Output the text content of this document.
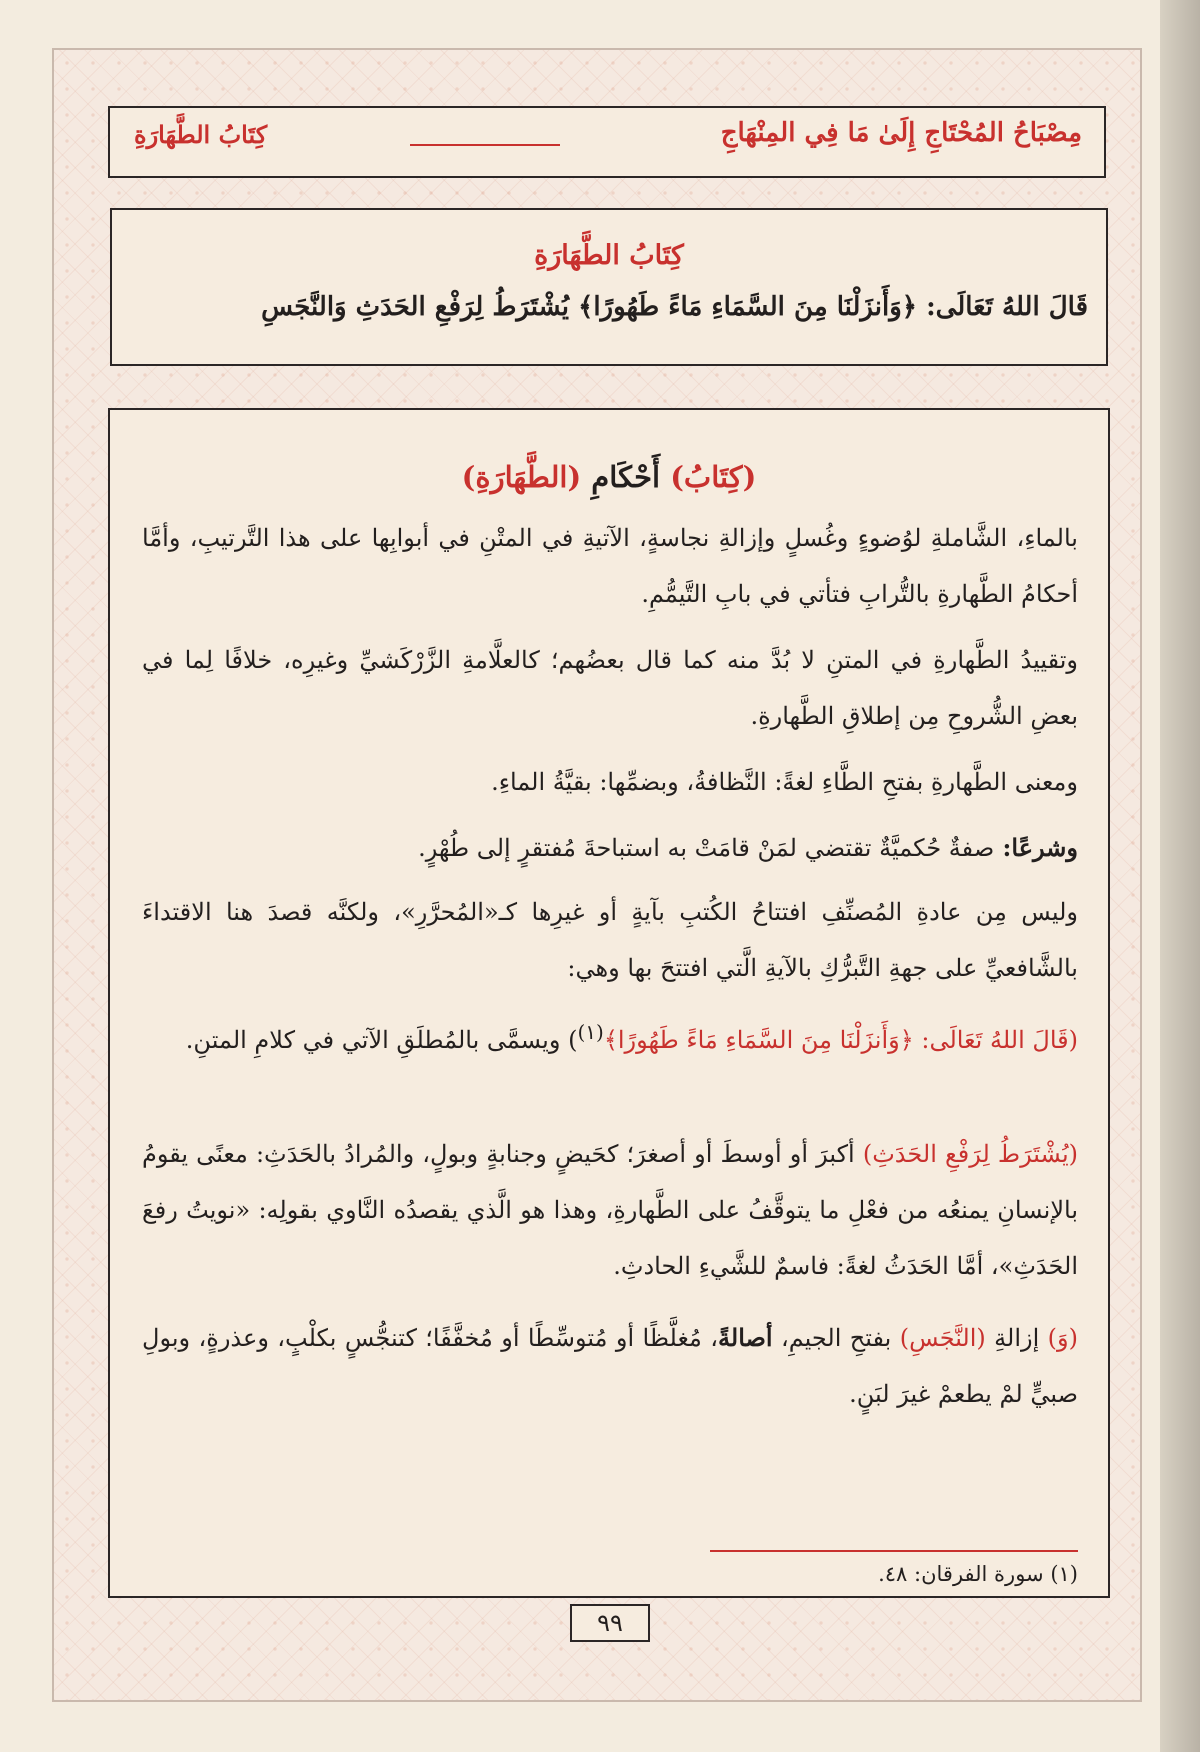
مِصْبَاحُ المُحْتَاجِ إِلَىٰ مَا فِي المِنْهَاجِ
كِتَابُ الطَّهَارَةِ
كِتَابُ الطَّهَارَةِ
قَالَ اللهُ تَعَالَى: ﴿وَأَنزَلْنَا مِنَ السَّمَاءِ مَاءً طَهُورًا﴾ يُشْتَرَطُ لِرَفْعِ الحَدَثِ وَالنَّجَسِ
(كِتَابُ) أَحْكَامِ (الطَّهَارَةِ)

بالماءِ، الشَّاملةِ لوُضوءٍ وغُسلٍ وإزالةِ نجاسةٍ، الآتيةِ في المتْنِ في أبوابِها على هذا التَّرتيبِ، وأمَّا أحكامُ الطَّهارةِ بالتُّرابِ فتأتي في بابِ التَّيمُّمِ.

وتقييدُ الطَّهارةِ في المتنِ لا بُدَّ منه كما قال بعضُهم؛ كالعلَّامةِ الزَّرْكَشيِّ وغيرِه، خلافًا لِما في بعضِ الشُّروحِ مِن إطلاقِ الطَّهارةِ.

ومعنى الطَّهارةِ بفتحِ الطَّاءِ لغةً: النَّظافةُ، وبضمِّها: بقيَّةُ الماءِ.

وشرعًا: صفةٌ حُكميَّةٌ تقتضي لمَنْ قامَتْ به استباحةَ مُفتقرٍ إلى طُهْرٍ.

وليس مِن عادةِ المُصنِّفِ افتتاحُ الكُتبِ بآيةٍ أو غيرِها كـ«المُحرَّرِ»، ولكنَّه قصدَ هنا الاقتداءَ بالشَّافعيِّ على جهةِ التَّبرُّكِ بالآيةِ الَّتي افتتحَ بها وهي:

(قَالَ اللهُ تَعَالَى: ﴿وَأَنزَلْنَا مِنَ السَّمَاءِ مَاءً طَهُورًا﴾$^{(١)}$) ويسمَّى بالمُطلَقِ الآتي في كلامِ المتنِ.

(يُشْتَرَطُ لِرَفْعِ الحَدَثِ) أكبرَ أو أوسطَ أو أصغرَ؛ كحَيضٍ وجنابةٍ وبولٍ، والمُرادُ بالحَدَثِ: معنًى يقومُ بالإنسانِ يمنعُه من فعْلِ ما يتوقَّفُ على الطَّهارةِ، وهذا هو الَّذي يقصدُه النَّاوي بقولِه: «نويتُ رفعَ الحَدَثِ»، أمَّا الحَدَثُ لغةً: فاسمٌ للشَّيءِ الحادثِ.

(وَ) إزالةِ (النَّجَسِ) بفتحِ الجيمِ، أصالةً، مُغلَّظًا أو مُتوسِّطًا أو مُخفَّفًا؛ كتنجُّسٍ بكلْبٍ، وعذرةٍ، وبولِ صبيٍّ لمْ يطعمْ غيرَ لبَنٍ.

(١) سورة الفرقان: ٤٨.
٩٩
